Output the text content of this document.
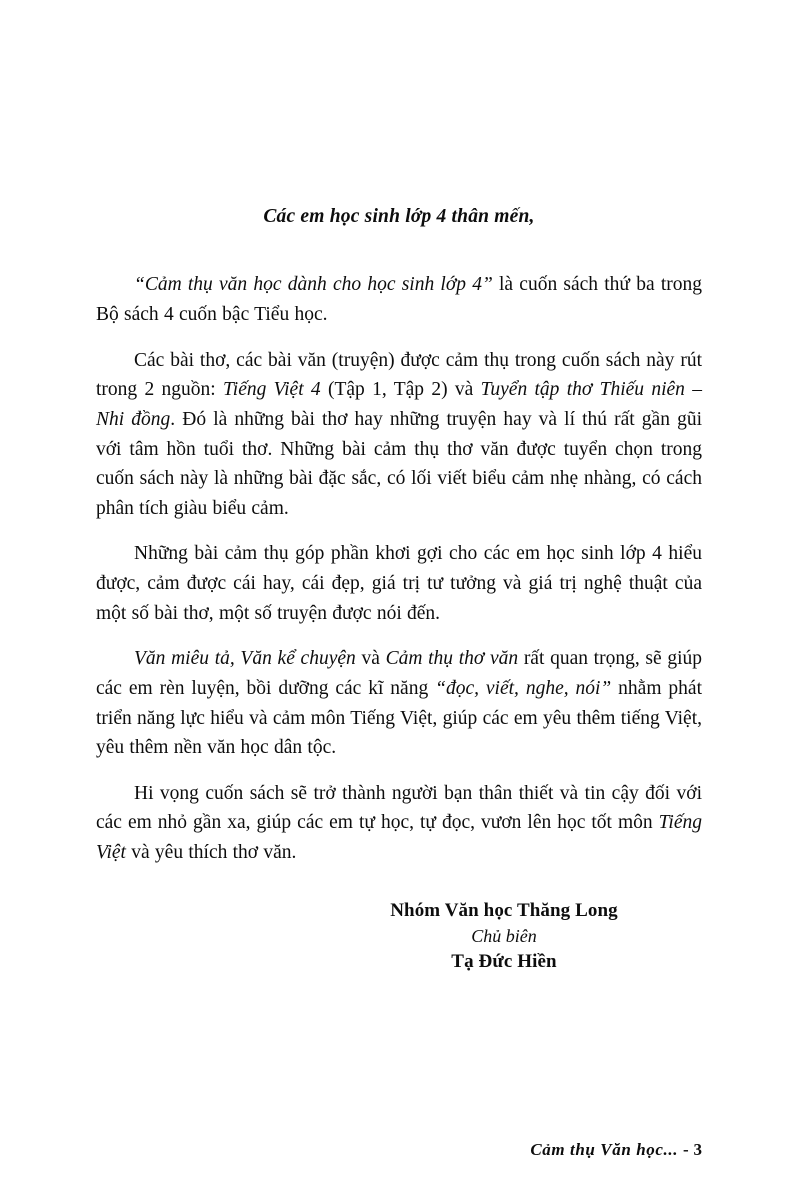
Các em học sinh lớp 4 thân mến,

“Cảm thụ văn học dành cho học sinh lớp 4” là cuốn sách thứ ba trong Bộ sách 4 cuốn bậc Tiểu học.

Các bài thơ, các bài văn (truyện) được cảm thụ trong cuốn sách này rút trong 2 nguồn: Tiếng Việt 4 (Tập 1, Tập 2) và Tuyển tập thơ Thiếu niên – Nhi đồng. Đó là những bài thơ hay những truyện hay và lí thú rất gần gũi với tâm hồn tuổi thơ. Những bài cảm thụ thơ văn được tuyển chọn trong cuốn sách này là những bài đặc sắc, có lối viết biểu cảm nhẹ nhàng, có cách phân tích giàu biểu cảm.

Những bài cảm thụ góp phần khơi gợi cho các em học sinh lớp 4 hiểu được, cảm được cái hay, cái đẹp, giá trị tư tưởng và giá trị nghệ thuật của một số bài thơ, một số truyện được nói đến.

Văn miêu tả, Văn kể chuyện và Cảm thụ thơ văn rất quan trọng, sẽ giúp các em rèn luyện, bồi dưỡng các kĩ năng “đọc, viết, nghe, nói” nhằm phát triển năng lực hiểu và cảm môn Tiếng Việt, giúp các em yêu thêm tiếng Việt, yêu thêm nền văn học dân tộc.

Hi vọng cuốn sách sẽ trở thành người bạn thân thiết và tin cậy đối với các em nhỏ gần xa, giúp các em tự học, tự đọc, vươn lên học tốt môn Tiếng Việt và yêu thích thơ văn.

Nhóm Văn học Thăng Long
Chủ biên
Tạ Đức Hiền
Cảm thụ Văn học... - 3
